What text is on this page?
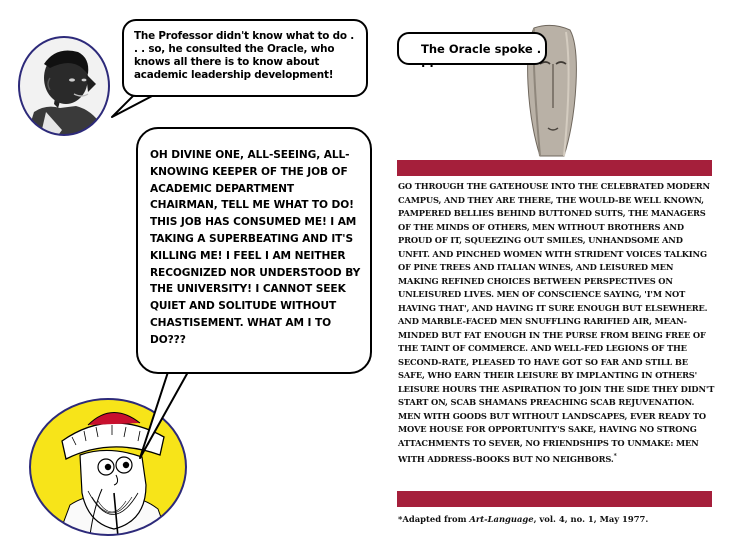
The Professor didn't know what to do . . . so, he consulted the Oracle, who knows all there is to know about academic leadership development!
OH DIVINE ONE, ALL-SEEING, ALL-KNOWING KEEPER OF THE JOB OF ACADEMIC DEPARTMENT CHAIRMAN, TELL ME WHAT TO DO! THIS JOB HAS CONSUMED ME! I AM TAKING A SUPERBEATING AND IT'S KILLING ME! I FEEL I AM NEITHER RECOGNIZED NOR UNDERSTOOD BY THE UNIVERSITY! I CANNOT SEEK QUIET AND SOLITUDE WITHOUT CHASTISEMENT. WHAT AM I TO DO???
The Oracle spoke . . .

GO THROUGH THE GATEHOUSE INTO THE CELEBRATED MODERN CAMPUS, AND THEY ARE THERE, THE WOULD-BE WELL KNOWN, PAMPERED BELLIES BEHIND BUTTONED SUITS, THE MANAGERS OF THE MINDS OF OTHERS, MEN WITHOUT BROTHERS AND PROUD OF IT, SQUEEZING OUT SMILES, UNHANDSOME AND UNFIT. AND PINCHED WOMEN WITH STRIDENT VOICES TALKING OF PINE TREES AND ITALIAN WINES, AND LEISURED MEN MAKING REFINED CHOICES BETWEEN PERSPECTIVES ON UNLEISURED LIVES. MEN OF CONSCIENCE SAYING, 'I'M NOT HAVING THAT', AND HAVING IT SURE ENOUGH BUT ELSEWHERE. AND MARBLE-FACED MEN SNUFFLING RARIFIED AIR, MEAN-MINDED BUT FAT ENOUGH IN THE PURSE FROM BEING FREE OF THE TAINT OF COMMERCE. AND WELL-FED LEGIONS OF THE SECOND-RATE, PLEASED TO HAVE GOT SO FAR AND STILL BE SAFE, WHO EARN THEIR LEISURE BY IMPLANTING IN OTHERS' LEISURE HOURS THE ASPIRATION TO JOIN THE SIDE THEY DIDN'T START ON, SCAB SHAMANS PREACHING SCAB REJUVENATION. MEN WITH GOODS BUT WITHOUT LANDSCAPES, EVER READY TO MOVE HOUSE FOR OPPORTUNITY'S SAKE, HAVING NO STRONG ATTACHMENTS TO SEVER, NO FRIENDSHIPS TO UNMAKE: MEN WITH ADDRESS-BOOKS BUT NO NEIGHBORS.*

*Adapted from Art-Language, vol. 4, no. 1, May 1977.
